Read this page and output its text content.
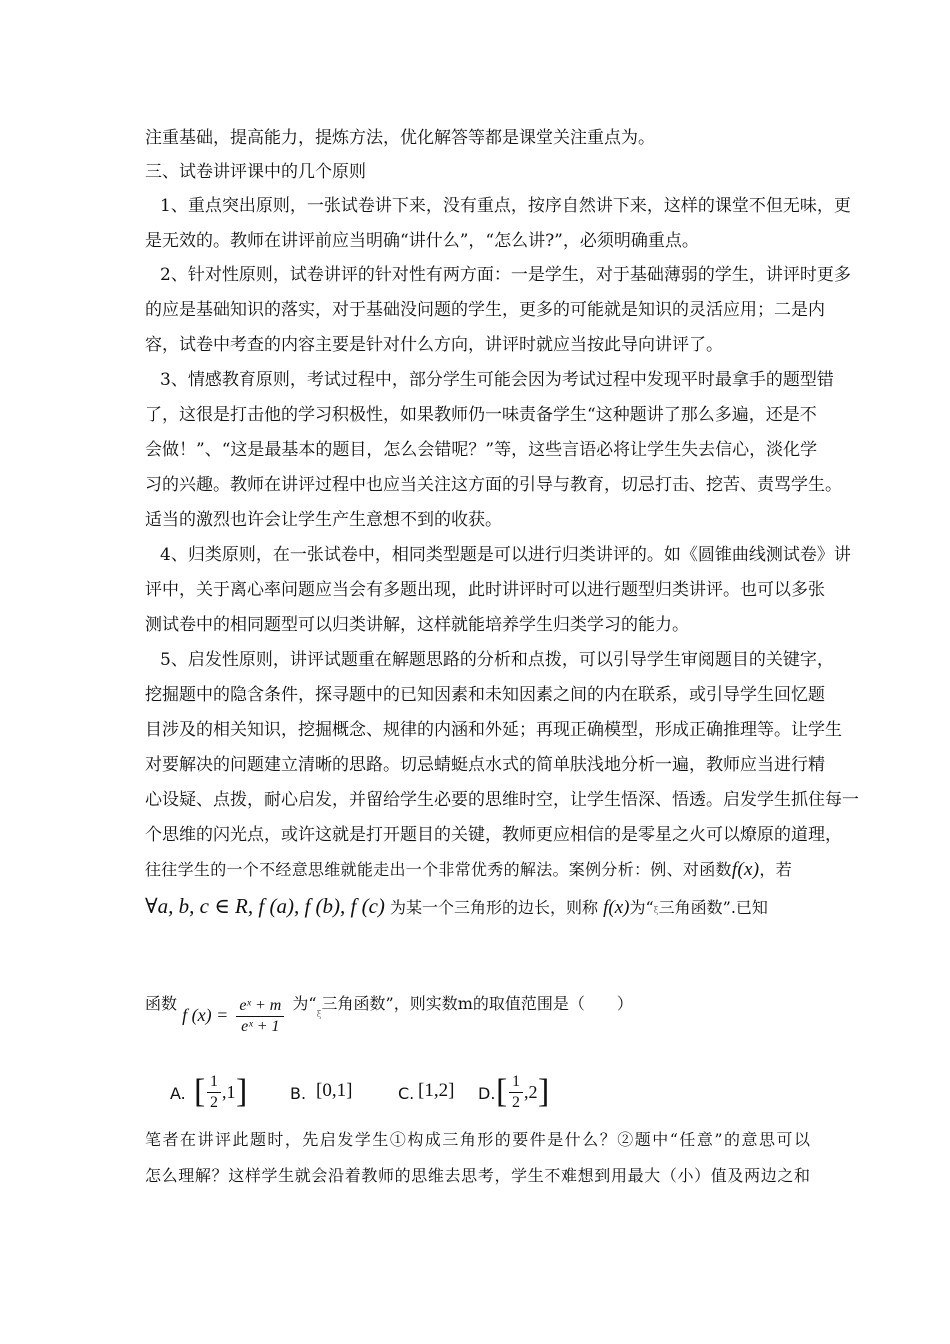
注重基础，提高能力，提炼方法，优化解答等都是课堂关注重点为。
三、试卷讲评课中的几个原则
1、重点突出原则，一张试卷讲下来，没有重点，按序自然讲下来，这样的课堂不但无味，更
是无效的。教师在讲评前应当明确“讲什么”，“怎么讲?”，必须明确重点。
2、针对性原则，试卷讲评的针对性有两方面：一是学生，对于基础薄弱的学生，讲评时更多
的应是基础知识的落实，对于基础没问题的学生，更多的可能就是知识的灵活应用；二是内
容，试卷中考查的内容主要是针对什么方向，讲评时就应当按此导向讲评了。
3、情感教育原则，考试过程中，部分学生可能会因为考试过程中发现平时最拿手的题型错
了，这很是打击他的学习积极性，如果教师仍一味责备学生“这种题讲了那么多遍，还是不
会做！”、“这是最基本的题目，怎么会错呢？”等，这些言语必将让学生失去信心，淡化学
习的兴趣。教师在讲评过程中也应当关注这方面的引导与教育，切忌打击、挖苦、责骂学生。
适当的激烈也许会让学生产生意想不到的收获。
4、归类原则，在一张试卷中，相同类型题是可以进行归类讲评的。如《圆锥曲线测试卷》讲
评中，关于离心率问题应当会有多题出现，此时讲评时可以进行题型归类讲评。也可以多张
测试卷中的相同题型可以归类讲解，这样就能培养学生归类学习的能力。
5、启发性原则，讲评试题重在解题思路的分析和点拨，可以引导学生审阅题目的关键字，
挖掘题中的隐含条件，探寻题中的已知因素和未知因素之间的内在联系，或引导学生回忆题
目涉及的相关知识，挖掘概念、规律的内涵和外延；再现正确模型，形成正确推理等。让学生
对要解决的问题建立清晰的思路。切忌蜻蜓点水式的简单肤浅地分析一遍，教师应当进行精
心设疑、点拨，耐心启发，并留给学生必要的思维时空，让学生悟深、悟透。启发学生抓住每一
个思维的闪光点，或许这就是打开题目的关键，教师更应相信的是零星之火可以燎原的道理，
往往学生的一个不经意思维就能走出一个非常优秀的解法。案例分析：例、对函数f(x)，若
∀a, b, c ∈ R, f (a), f (b), f (c) 为某一个三角形的边长，则称 f(x)为“ξ三角函数”.已知
函数 f $(x) = \frac{\text{eˣ + m}}{\text{eˣ + 1}}$ 为“$^\xi$三角函数”，则实数m的取值范围是（　　）
A. [ $\frac{1}{2} ,1$ ]	B. [0,1]	C. [1,2] D. [ $\frac{1}{2} ,2$ ]
笔者在讲评此题时，先启发学生①构成三角形的要件是什么？②题中“任意”的意思可以
怎么理解？这样学生就会沿着教师的思维去思考，学生不难想到用最大（小）值及两边之和
